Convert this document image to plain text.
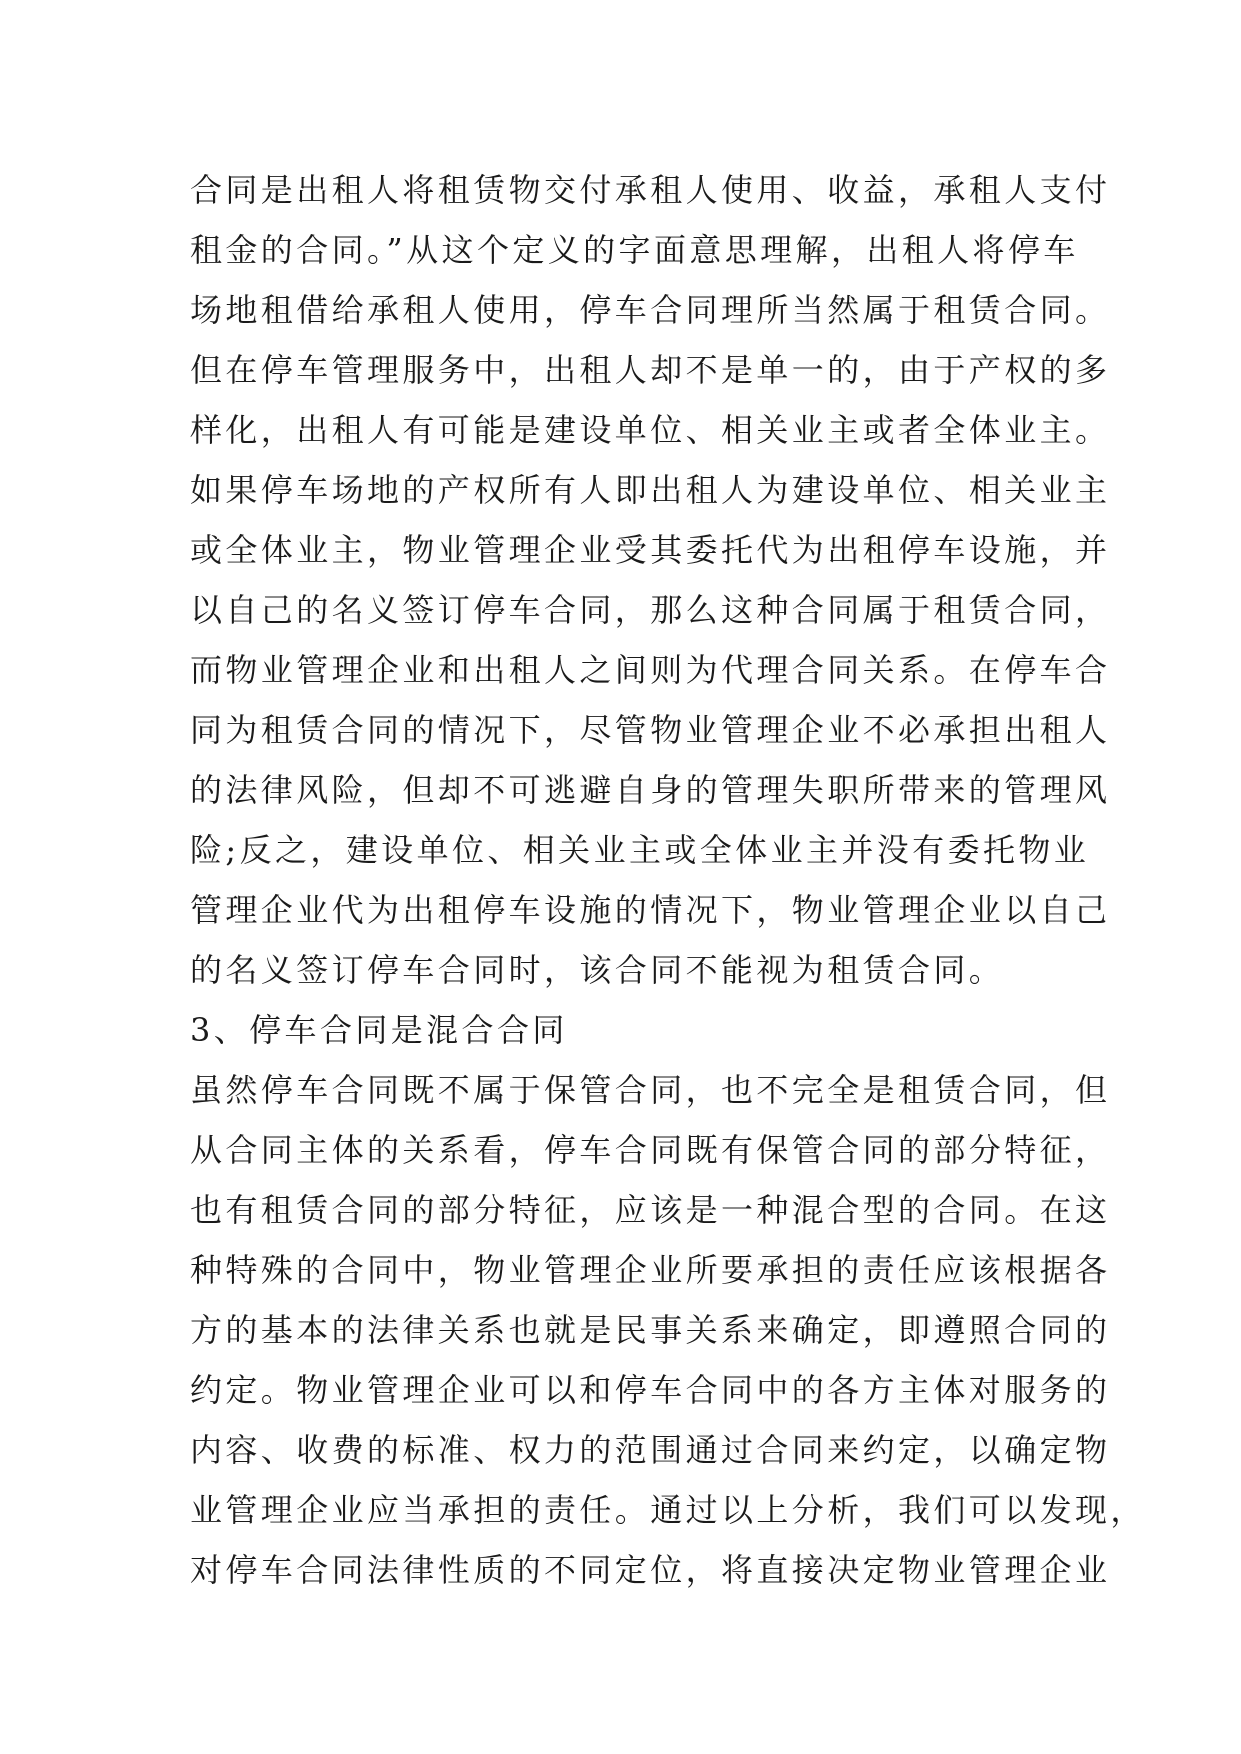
合同是出租人将租赁物交付承租人使用、收益，承租人支付
租金的合同。”从这个定义的字面意思理解，出租人将停车
场地租借给承租人使用，停车合同理所当然属于租赁合同。
但在停车管理服务中，出租人却不是单一的，由于产权的多
样化，出租人有可能是建设单位、相关业主或者全体业主。
如果停车场地的产权所有人即出租人为建设单位、相关业主
或全体业主，物业管理企业受其委托代为出租停车设施，并
以自己的名义签订停车合同，那么这种合同属于租赁合同，
而物业管理企业和出租人之间则为代理合同关系。在停车合
同为租赁合同的情况下，尽管物业管理企业不必承担出租人
的法律风险，但却不可逃避自身的管理失职所带来的管理风
险;反之，建设单位、相关业主或全体业主并没有委托物业
管理企业代为出租停车设施的情况下，物业管理企业以自己
的名义签订停车合同时，该合同不能视为租赁合同。
3、停车合同是混合合同
虽然停车合同既不属于保管合同，也不完全是租赁合同，但
从合同主体的关系看，停车合同既有保管合同的部分特征，
也有租赁合同的部分特征，应该是一种混合型的合同。在这
种特殊的合同中，物业管理企业所要承担的责任应该根据各
方的基本的法律关系也就是民事关系来确定，即遵照合同的
约定。物业管理企业可以和停车合同中的各方主体对服务的
内容、收费的标准、权力的范围通过合同来约定，以确定物
业管理企业应当承担的责任。通过以上分析，我们可以发现，
对停车合同法律性质的不同定位，将直接决定物业管理企业
